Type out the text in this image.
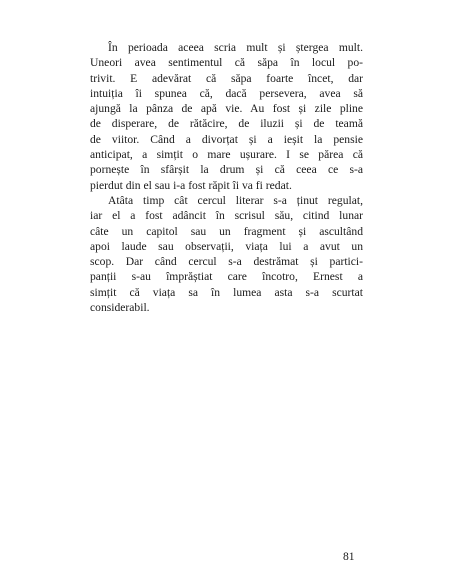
În perioada aceea scria mult și ștergea mult.
Uneori avea sentimentul că săpa în locul po-
trivit. E adevărat că săpa foarte încet, dar
intuiția îi spunea că, dacă persevera, avea să
ajungă la pânza de apă vie. Au fost și zile pline
de disperare, de rătăcire, de iluzii și de teamă
de viitor. Când a divorțat și a ieșit la pensie
anticipat, a simțit o mare ușurare. I se părea că
pornește în sfârșit la drum și că ceea ce s-a
pierdut din el sau i-a fost răpit îi va fi redat.
Atâta timp cât cercul literar s-a ținut regulat,
iar el a fost adâncit în scrisul său, citind lunar
câte un capitol sau un fragment și ascultând
apoi laude sau observații, viața lui a avut un
scop. Dar când cercul s-a destrămat și partici-
panții s-au împrăștiat care încotro, Ernest a
simțit că viața sa în lumea asta s-a scurtat
considerabil.
81
